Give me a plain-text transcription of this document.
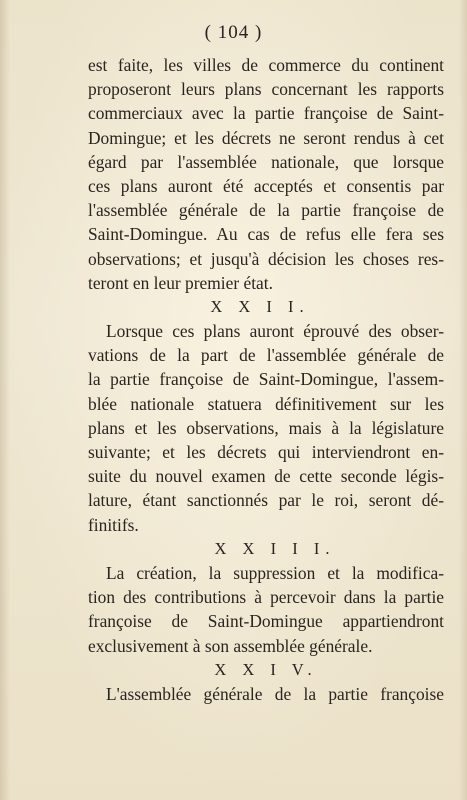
( 104 )
est faite, les villes de commerce du continent
proposeront leurs plans concernant les rapports
commerciaux avec la partie françoise de Saint-
Domingue; et les décrets ne seront rendus à cet
égard par l'assemblée nationale, que lorsque
ces plans auront été acceptés et consentis par
l'assemblée générale de la partie françoise de
Saint-Domingue. Au cas de refus elle fera ses
observations; et jusqu'à décision les choses res-
teront en leur premier état.
X X I I.
Lorsque ces plans auront éprouvé des obser-
vations de la part de l'assemblée générale de
la partie françoise de Saint-Domingue, l'assem-
blée nationale statuera définitivement sur les
plans et les observations, mais à la législature
suivante; et les décrets qui interviendront en-
suite du nouvel examen de cette seconde légis-
lature, étant sanctionnés par le roi, seront dé-
finitifs.
X X I I I.
La création, la suppression et la modifica-
tion des contributions à percevoir dans la partie
françoise de Saint-Domingue appartiendront
exclusivement à son assemblée générale.
X X I V.
L'assemblée générale de la partie françoise
